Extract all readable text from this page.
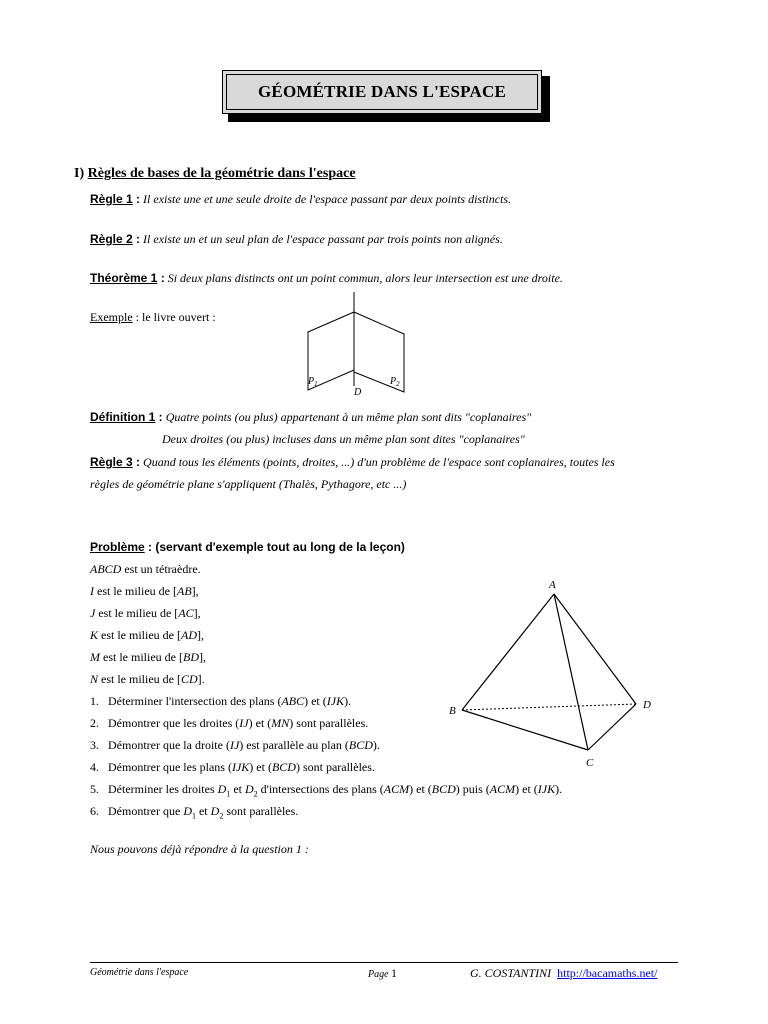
GÉOMÉTRIE DANS L'ESPACE
I) Règles de bases de la géométrie dans l'espace
Règle 1 : Il existe une et une seule droite de l'espace passant par deux points distincts.
Règle 2 : Il existe un et un seul plan de l'espace passant par trois points non alignés.
Théorème 1 : Si deux plans distincts ont un point commun, alors leur intersection est une droite.
Exemple : le livre ouvert :
$P_1$	$P_2$
D
Définition 1 : Quatre points (ou plus) appartenant à un même plan sont dits "coplanaires"
Deux droites (ou plus) incluses dans un même plan sont dites "coplanaires"
Règle 3 : Quand tous les éléments (points, droites, ...) d'un problème de l'espace sont coplanaires, toutes les
règles de géométrie plane s'appliquent (Thalès, Pythagore, etc ...)
Problème : (servant d'exemple tout au long de la leçon)
ABCD est un tétraèdre.
I est le milieu de [AB],
J est le milieu de [AC],
K est le milieu de [AD],
M est le milieu de [BD],
N est le milieu de [CD].
1. Déterminer l'intersection des plans (ABC) et (IJK).
2. Démontrer que les droites (IJ) et (MN) sont parallèles.
3. Démontrer que la droite (IJ) est parallèle au plan (BCD).
4. Démontrer que les plans (IJK) et (BCD) sont parallèles.
5. Déterminer les droites $D_1$ et $D_2$ d'intersections des plans (ACM) et (BCD) puis (ACM) et (IJK).
6. Démontrer que $D_1$ et $D_2$ sont parallèles.
A
B
C
D
Nous pouvons déjà répondre à la question 1 :
Géométrie dans l'espace	Page 1	G. COSTANTINI http://bacamaths.net/
